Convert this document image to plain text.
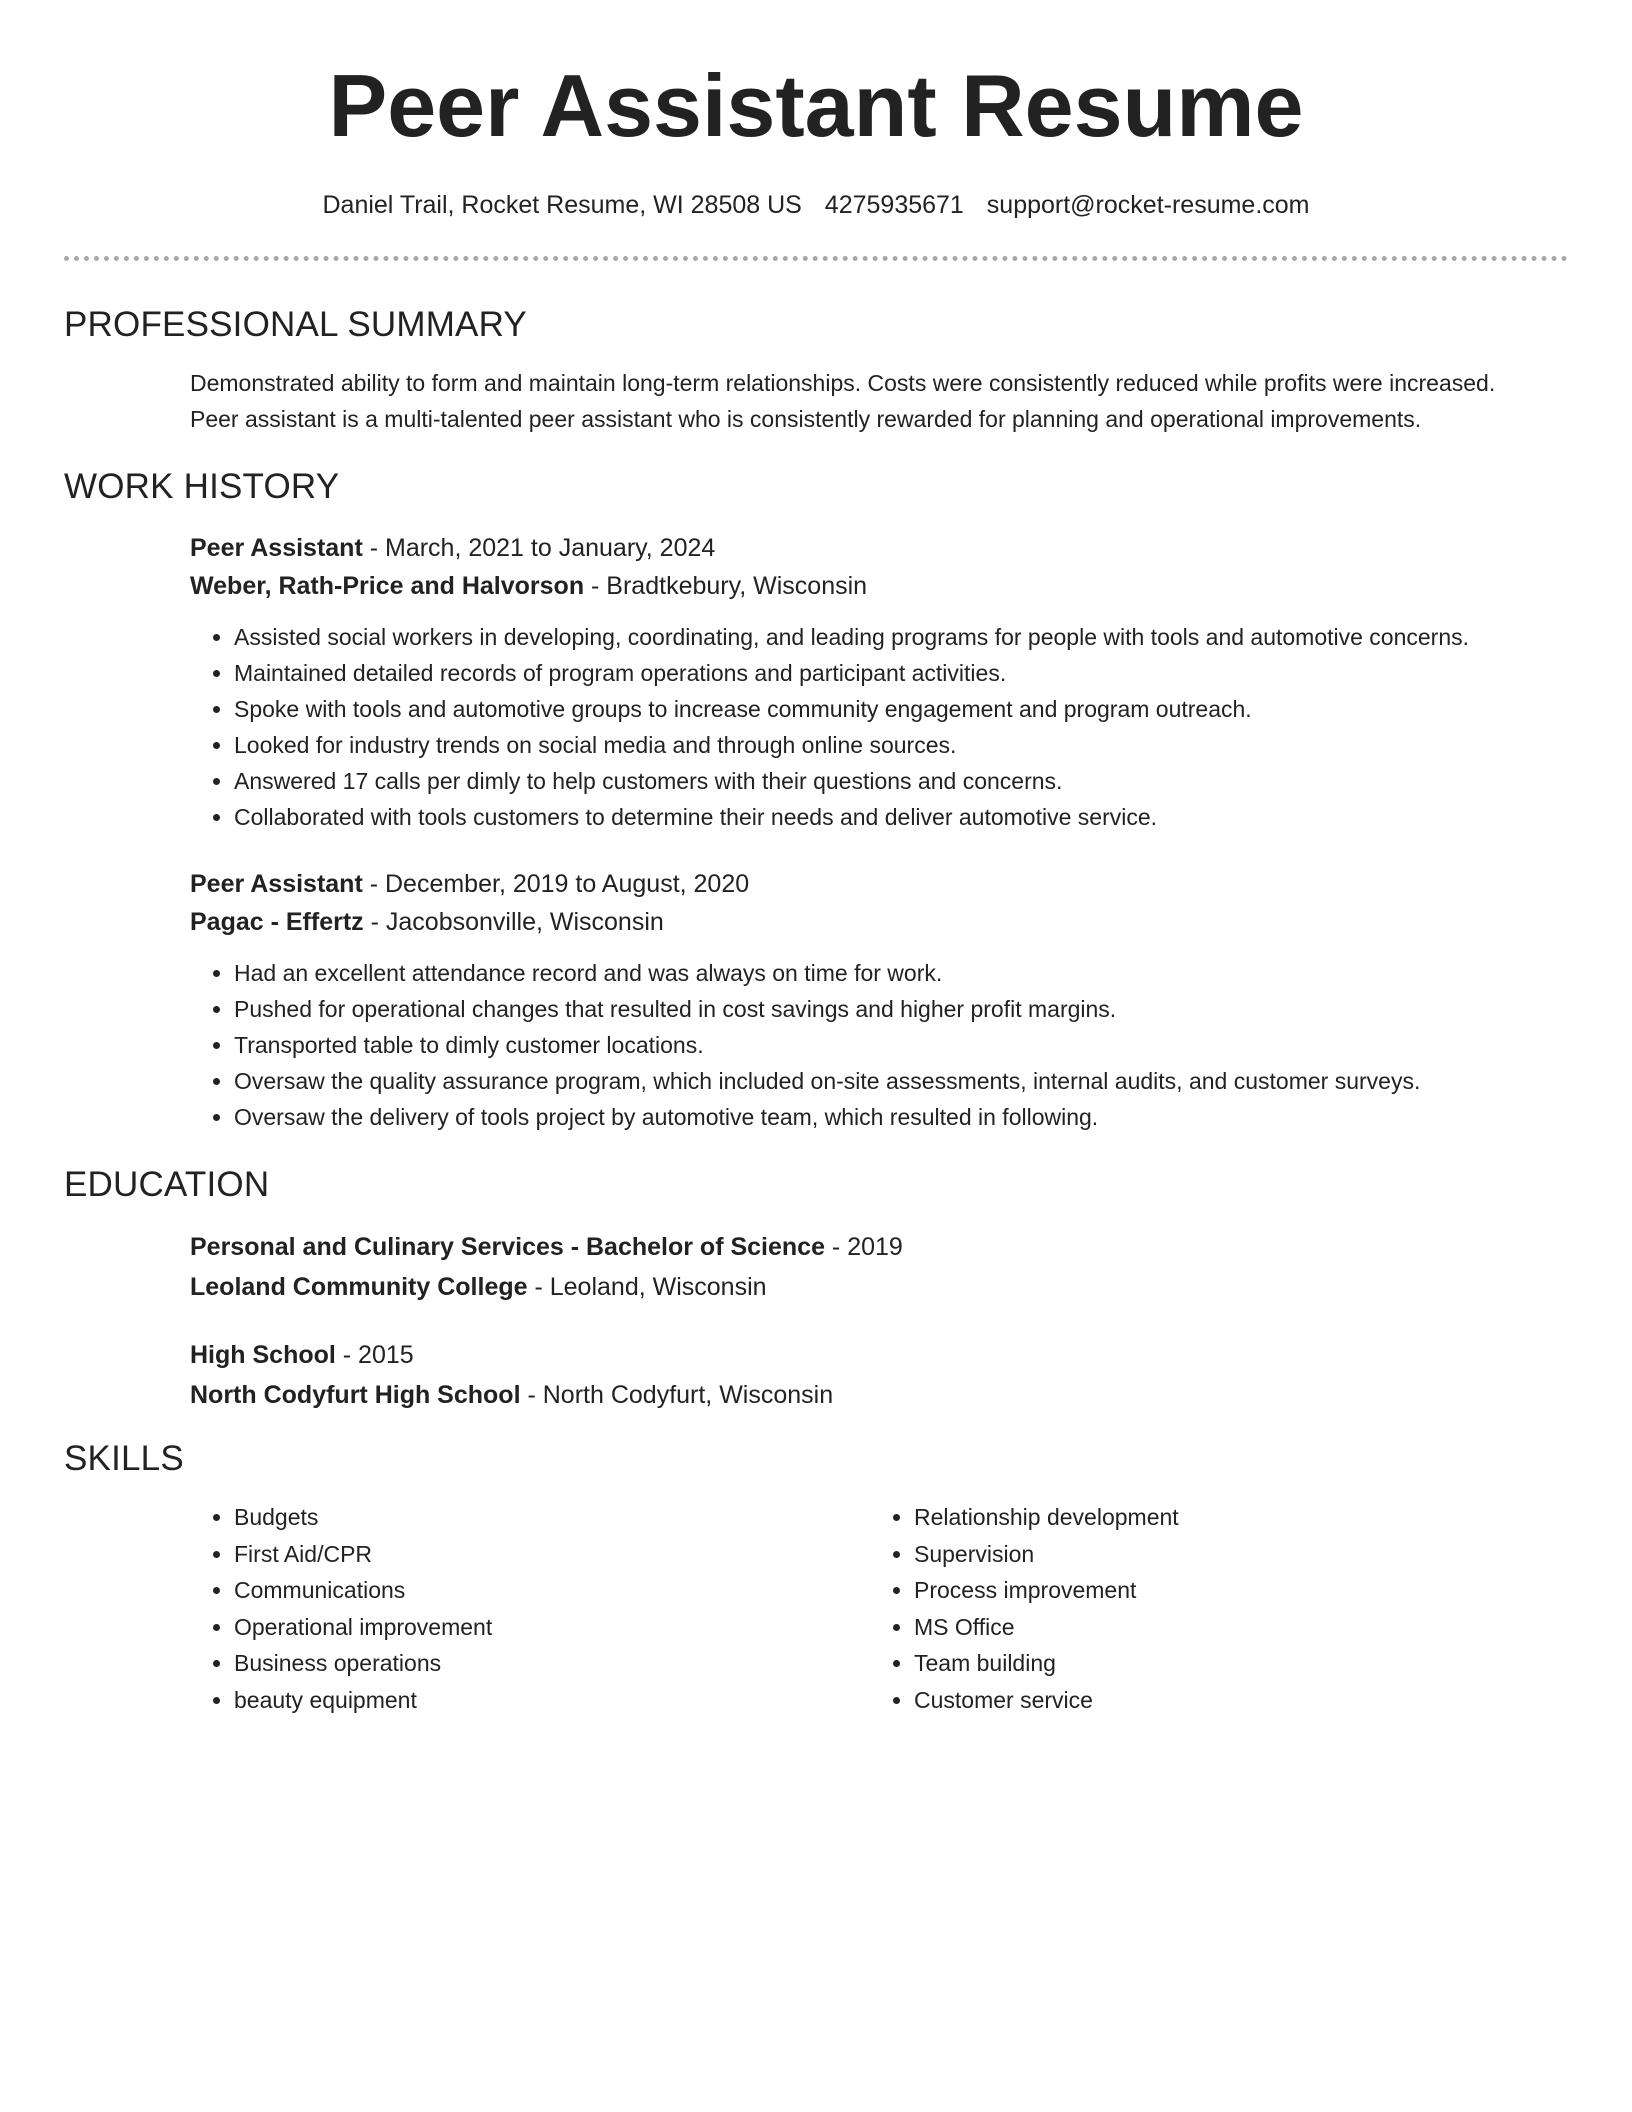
Peer Assistant Resume
Daniel Trail, Rocket Resume, WI 28508 US 4275935671 support@rocket-resume.com
PROFESSIONAL SUMMARY

Demonstrated ability to form and maintain long-term relationships. Costs were consistently reduced while profits were increased. Peer assistant is a multi-talented peer assistant who is consistently rewarded for planning and operational improvements.

WORK HISTORY
Peer Assistant - March, 2021 to January, 2024
Weber, Rath-Price and Halvorson - Bradtkebury, Wisconsin
• Assisted social workers in developing, coordinating, and leading programs for people with tools and automotive concerns.
• Maintained detailed records of program operations and participant activities.
• Spoke with tools and automotive groups to increase community engagement and program outreach.
• Looked for industry trends on social media and through online sources.
• Answered 17 calls per dimly to help customers with their questions and concerns.
• Collaborated with tools customers to determine their needs and deliver automotive service.
Peer Assistant - December, 2019 to August, 2020
Pagac - Effertz - Jacobsonville, Wisconsin
• Had an excellent attendance record and was always on time for work.
• Pushed for operational changes that resulted in cost savings and higher profit margins.
• Transported table to dimly customer locations.
• Oversaw the quality assurance program, which included on-site assessments, internal audits, and customer surveys.
• Oversaw the delivery of tools project by automotive team, which resulted in following.
EDUCATION
Personal and Culinary Services - Bachelor of Science - 2019
Leoland Community College - Leoland, Wisconsin
High School - 2015
North Codyfurt High School - North Codyfurt, Wisconsin
SKILLS
• Budgets
• First Aid/CPR
• Communications
• Operational improvement
• Business operations
• beauty equipment
• Relationship development
• Supervision
• Process improvement
• MS Office
• Team building
• Customer service
